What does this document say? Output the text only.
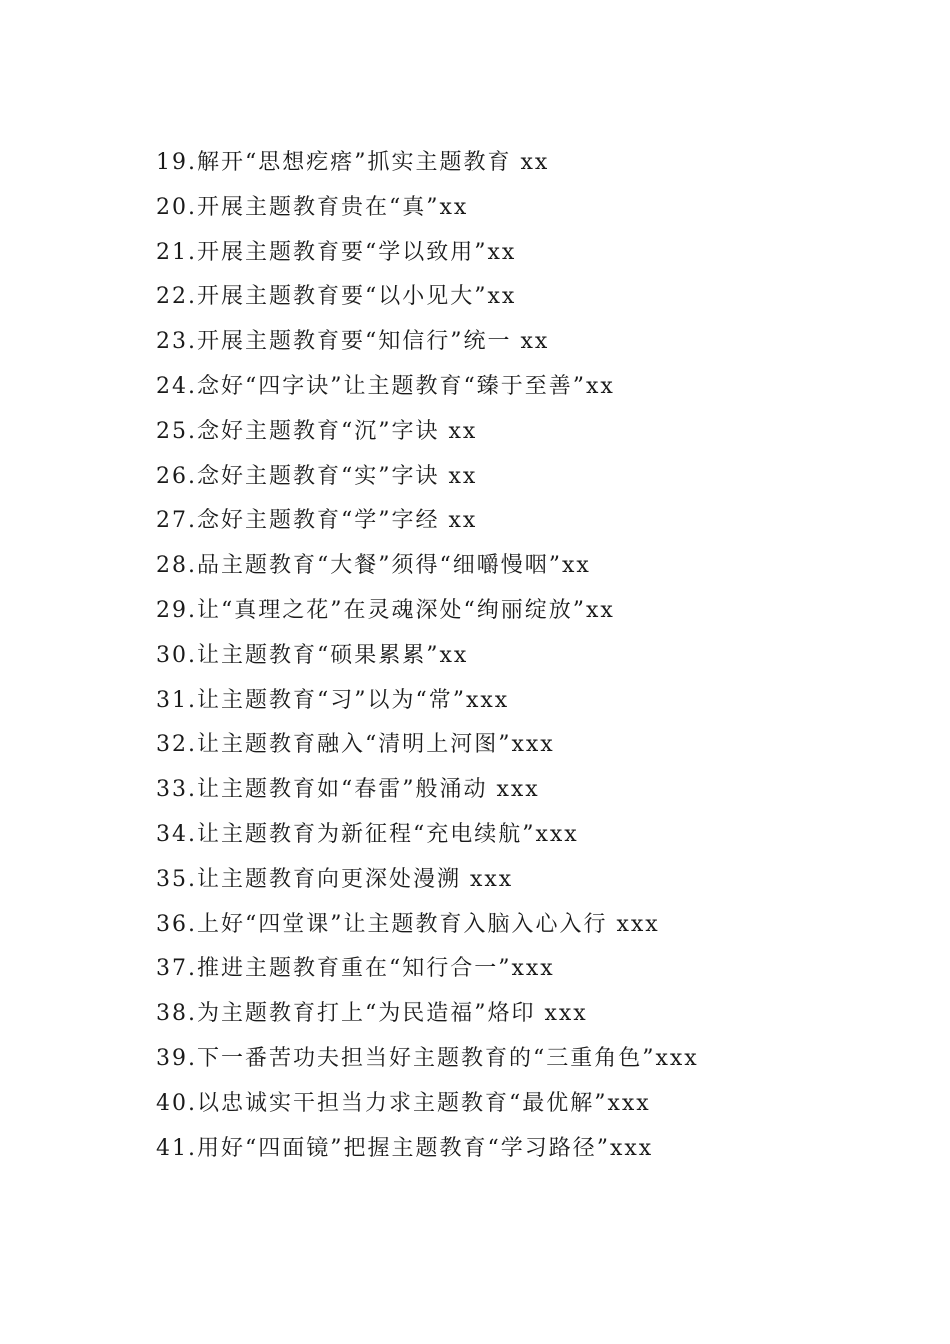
19.解开“思想疙瘩”抓实主题教育 xx
20.开展主题教育贵在“真”xx
21.开展主题教育要“学以致用”xx
22.开展主题教育要“以小见大”xx
23.开展主题教育要“知信行”统一 xx
24.念好“四字诀”让主题教育“臻于至善”xx
25.念好主题教育“沉”字诀 xx
26.念好主题教育“实”字诀 xx
27.念好主题教育“学”字经 xx
28.品主题教育“大餐”须得“细嚼慢咽”xx
29.让“真理之花”在灵魂深处“绚丽绽放”xx
30.让主题教育“硕果累累”xx
31.让主题教育“习”以为“常”xxx
32.让主题教育融入“清明上河图”xxx
33.让主题教育如“春雷”般涌动 xxx
34.让主题教育为新征程“充电续航”xxx
35.让主题教育向更深处漫溯 xxx
36.上好“四堂课”让主题教育入脑入心入行 xxx
37.推进主题教育重在“知行合一”xxx
38.为主题教育打上“为民造福”烙印 xxx
39.下一番苦功夫担当好主题教育的“三重角色”xxx
40.以忠诚实干担当力求主题教育“最优解”xxx
41.用好“四面镜”把握主题教育“学习路径”xxx
